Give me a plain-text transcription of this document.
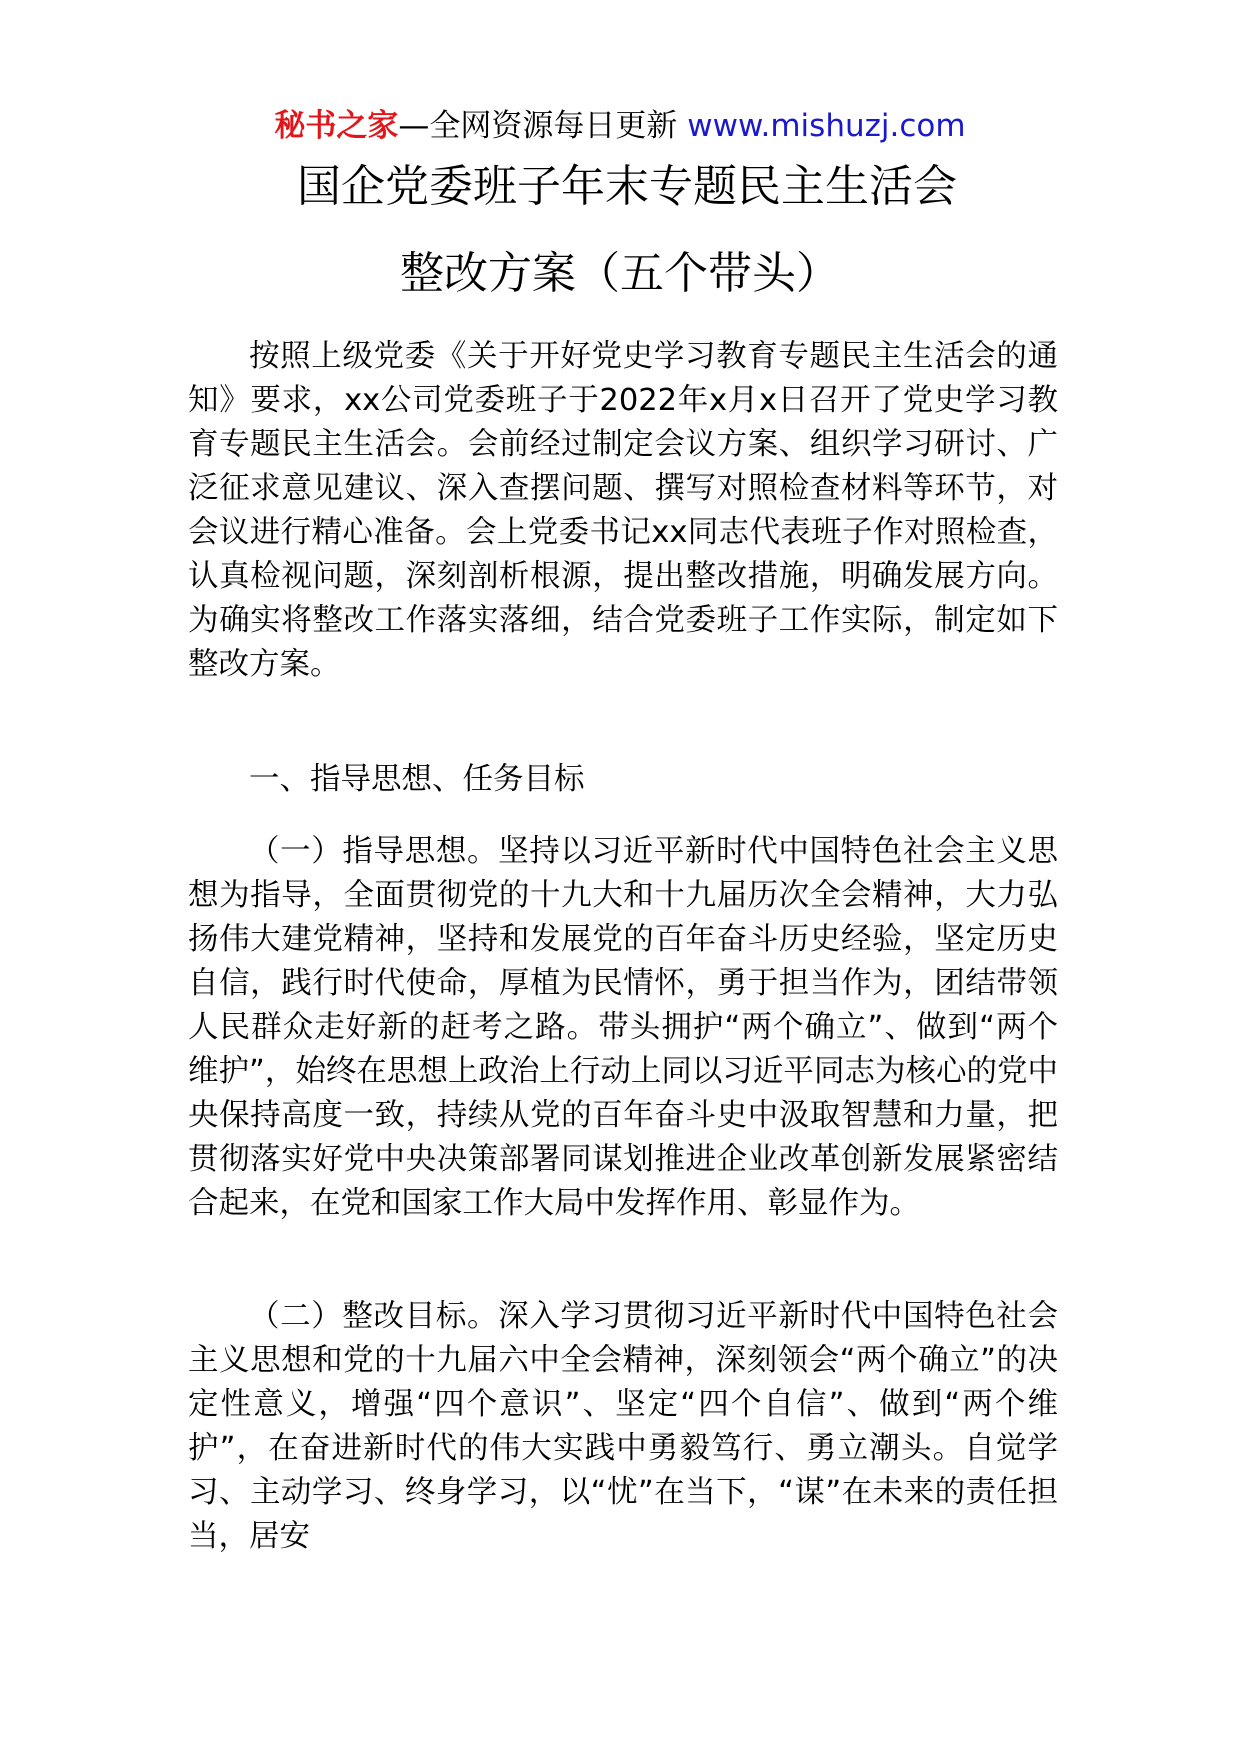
秘书之家—全网资源每日更新 www.mishuzj.com
国企党委班子年末专题民主生活会
整改方案（五个带头）

按照上级党委《关于开好党史学习教育专题民主生活会的通知》要求，xx公司党委班子于2022年x月x日召开了党史学习教育专题民主生活会。会前经过制定会议方案、组织学习研讨、广泛征求意见建议、深入查摆问题、撰写对照检查材料等环节，对会议进行精心准备。会上党委书记xx同志代表班子作对照检查，认真检视问题，深刻剖析根源，提出整改措施，明确发展方向。为确实将整改工作落实落细，结合党委班子工作实际，制定如下整改方案。

一、指导思想、任务目标

（一）指导思想。坚持以习近平新时代中国特色社会主义思想为指导，全面贯彻党的十九大和十九届历次全会精神，大力弘扬伟大建党精神，坚持和发展党的百年奋斗历史经验，坚定历史自信，践行时代使命，厚植为民情怀，勇于担当作为，团结带领人民群众走好新的赶考之路。带头拥护“两个确立”、做到“两个维护”，始终在思想上政治上行动上同以习近平同志为核心的党中央保持高度一致，持续从党的百年奋斗史中汲取智慧和力量，把贯彻落实好党中央决策部署同谋划推进企业改革创新发展紧密结合起来，在党和国家工作大局中发挥作用、彰显作为。

（二）整改目标。深入学习贯彻习近平新时代中国特色社会主义思想和党的十九届六中全会精神，深刻领会“两个确立”的决定性意义，增强“四个意识”、坚定“四个自信”、做到“两个维护”，在奋进新时代的伟大实践中勇毅笃行、勇立潮头。自觉学习、主动学习、终身学习，以“忧”在当下，“谋”在未来的责任担当，居安
